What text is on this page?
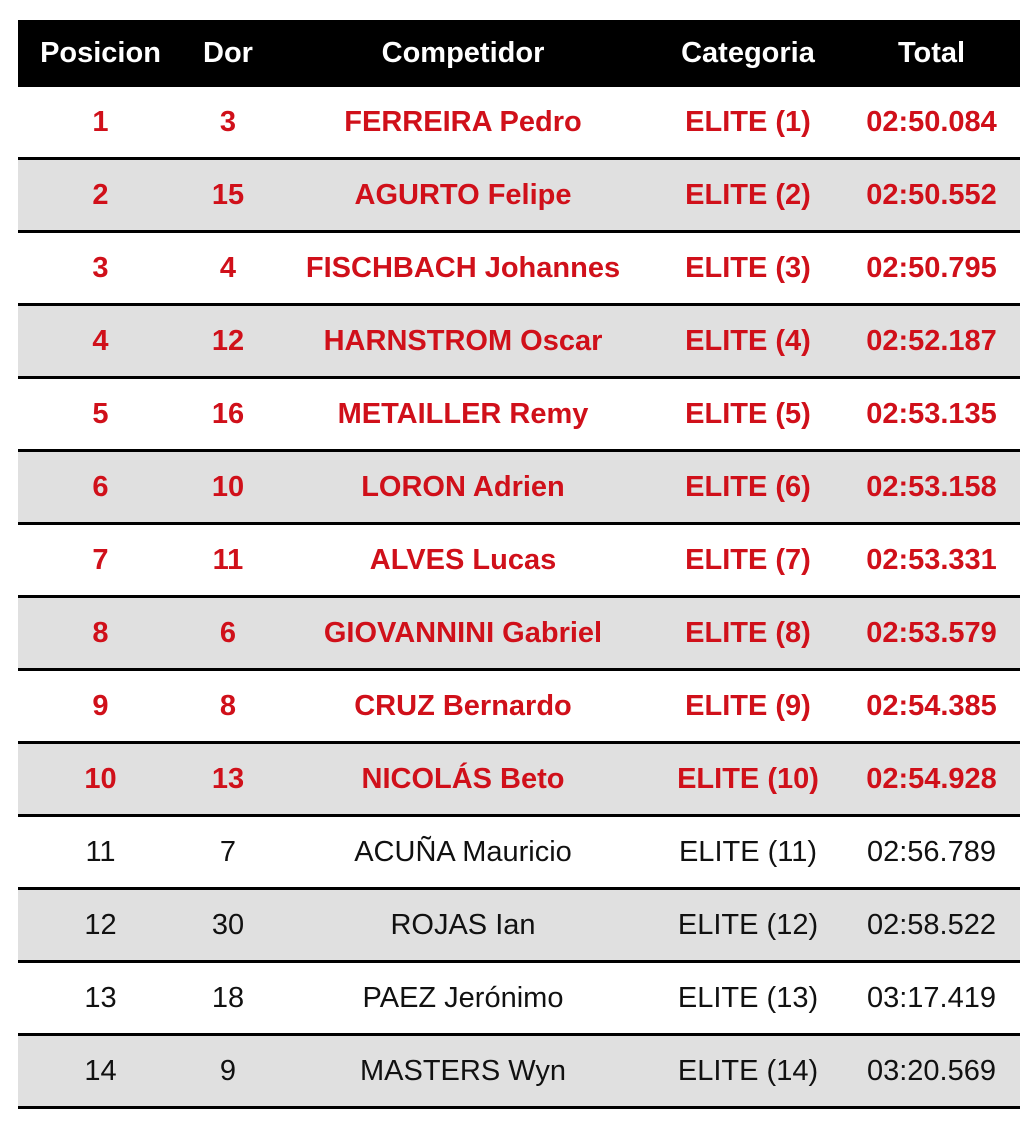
Posicion	Dor	Competidor	Categoria	Total
1	3	FERREIRA Pedro	ELITE (1)	02:50.084
2	15	AGURTO Felipe	ELITE (2)	02:50.552
3	4	FISCHBACH Johannes	ELITE (3)	02:50.795
4	12	HARNSTROM Oscar	ELITE (4)	02:52.187
5	16	METAILLER Remy	ELITE (5)	02:53.135
6	10	LORON Adrien	ELITE (6)	02:53.158
7	11	ALVES Lucas	ELITE (7)	02:53.331
8	6	GIOVANNINI Gabriel	ELITE (8)	02:53.579
9	8	CRUZ Bernardo	ELITE (9)	02:54.385
10	13	NICOLÁS Beto	ELITE (10)	02:54.928
11	7	ACUÑA Mauricio	ELITE (11)	02:56.789
12	30	ROJAS Ian	ELITE (12)	02:58.522
13	18	PAEZ Jerónimo	ELITE (13)	03:17.419
14	9	MASTERS Wyn	ELITE (14)	03:20.569
